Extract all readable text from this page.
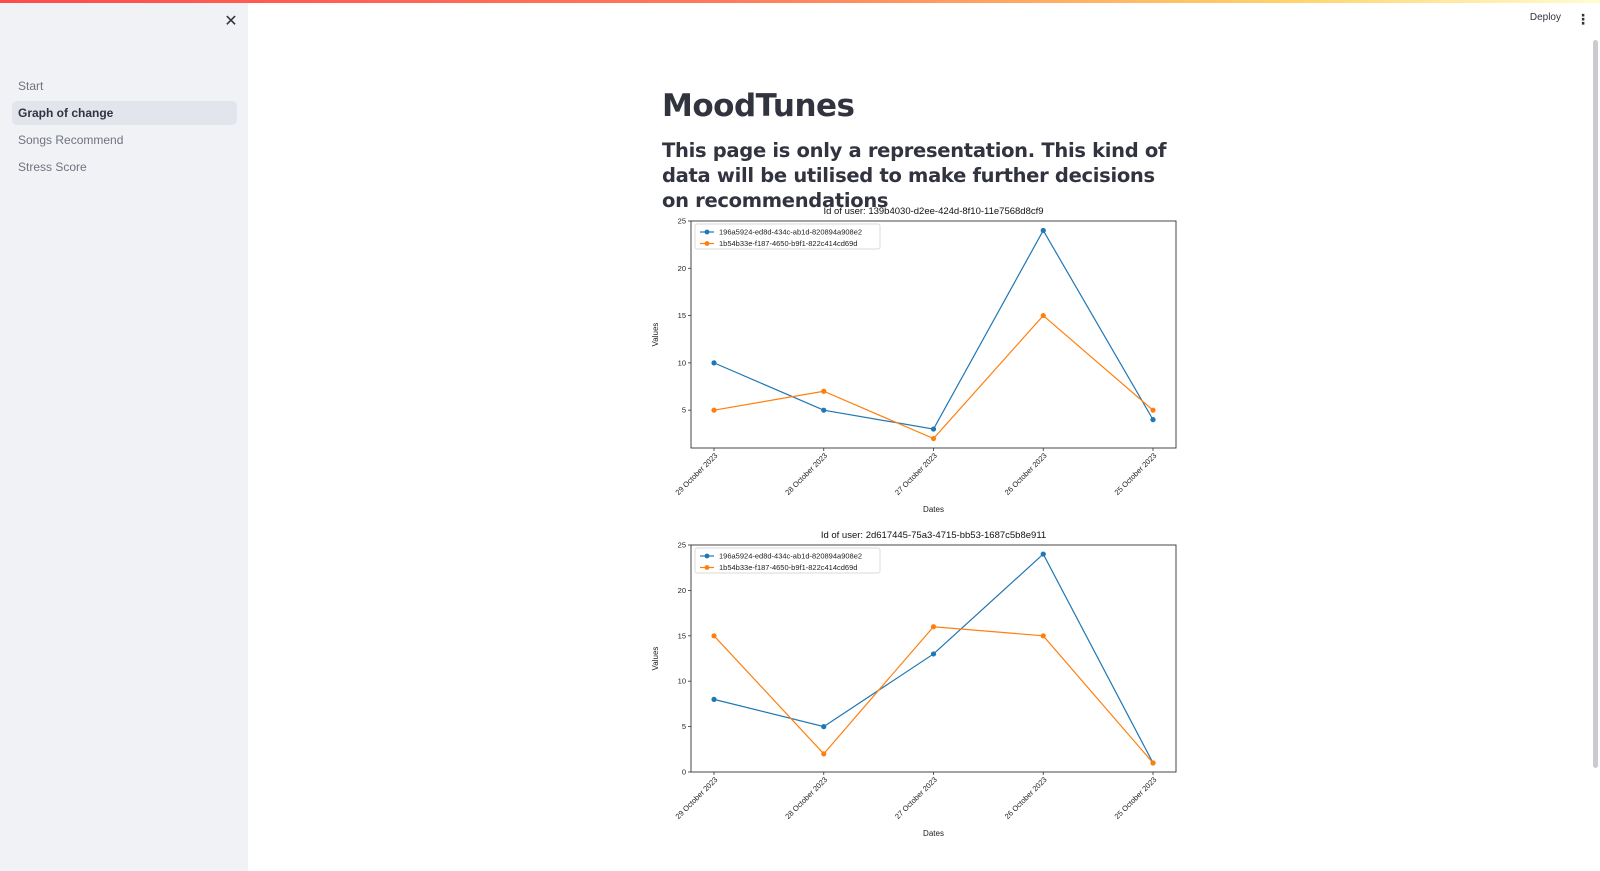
✕
Start
Graph of change
Songs Recommend
Stress Score
Deploy ⋮
MoodTunes
This page is only a representation. This kind of data will be utilised to make further decisions on recommendations
Id of user: 139b4030-d2ee-424d-8f10-11e7568d8cf9
5
10
15
20
25
29 October 2023	28 October 2023	27 October 2023	26 October 2023	25 October 2023
Dates
Values
196a5924-ed8d-434c-ab1d-820894a908e2
1b54b33e-f187-4650-b9f1-822c414cd69d
Id of user: 2d617445-75a3-4715-bb53-1687c5b8e911
0
5
10
15
20
25
29 October 2023	28 October 2023	27 October 2023	26 October 2023	25 October 2023
Dates
Values
196a5924-ed8d-434c-ab1d-820894a908e2
1b54b33e-f187-4650-b9f1-822c414cd69d
